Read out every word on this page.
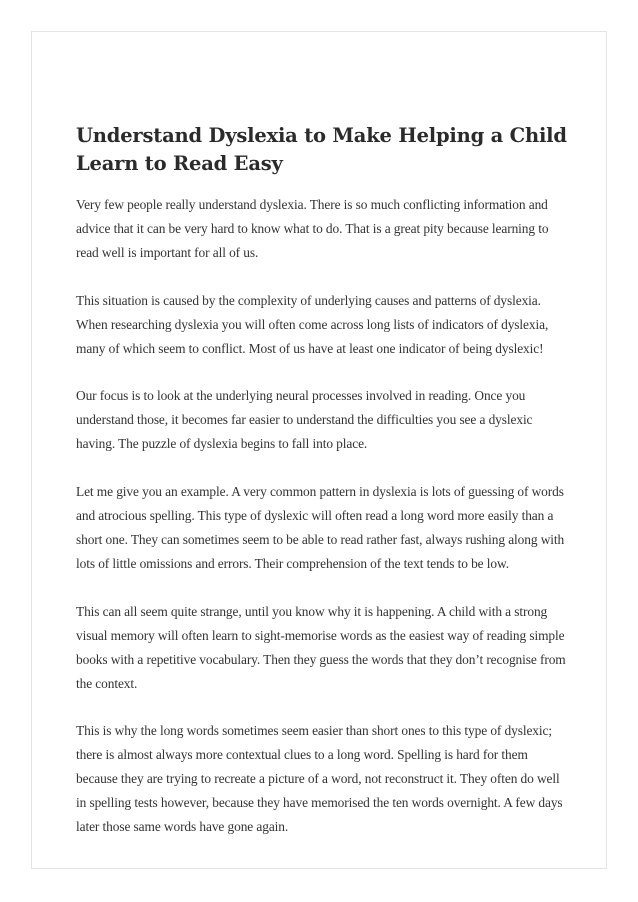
Understand Dyslexia to Make Helping a Child Learn to Read Easy

Very few people really understand dyslexia. There is so much conflicting information and advice that it can be very hard to know what to do. That is a great pity because learning to read well is important for all of us.

This situation is caused by the complexity of underlying causes and patterns of dyslexia. When researching dyslexia you will often come across long lists of indicators of dyslexia, many of which seem to conflict. Most of us have at least one indicator of being dyslexic!

Our focus is to look at the underlying neural processes involved in reading. Once you understand those, it becomes far easier to understand the difficulties you see a dyslexic having. The puzzle of dyslexia begins to fall into place.

Let me give you an example. A very common pattern in dyslexia is lots of guessing of words and atrocious spelling. This type of dyslexic will often read a long word more easily than a short one. They can sometimes seem to be able to read rather fast, always rushing along with lots of little omissions and errors. Their comprehension of the text tends to be low.

This can all seem quite strange, until you know why it is happening. A child with a strong visual memory will often learn to sight-memorise words as the easiest way of reading simple books with a repetitive vocabulary. Then they guess the words that they don’t recognise from the context.

This is why the long words sometimes seem easier than short ones to this type of dyslexic; there is almost always more contextual clues to a long word. Spelling is hard for them because they are trying to recreate a picture of a word, not reconstruct it. They often do well in spelling tests however, because they have memorised the ten words overnight. A few days later those same words have gone again.
